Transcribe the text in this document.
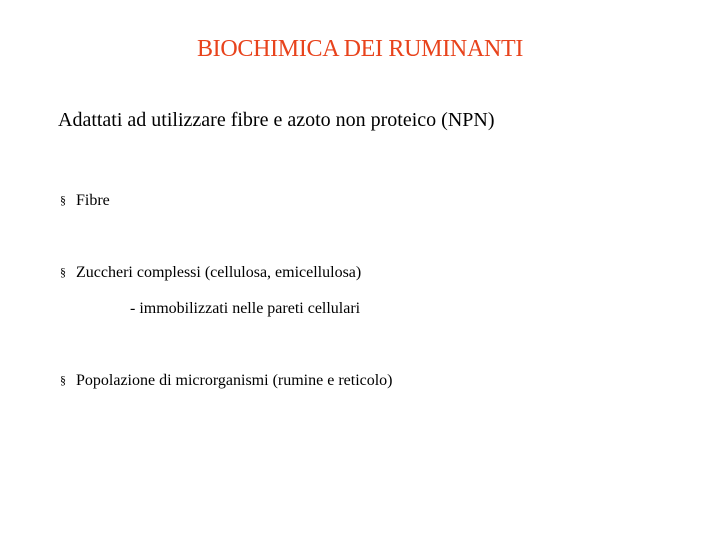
BIOCHIMICA DEI RUMINANTI
Adattati ad utilizzare fibre e azoto non proteico (NPN)
§ Fibre
§ Zuccheri complessi (cellulosa, emicellulosa)
- immobilizzati nelle pareti cellulari
§ Popolazione di microrganismi (rumine e reticolo)
